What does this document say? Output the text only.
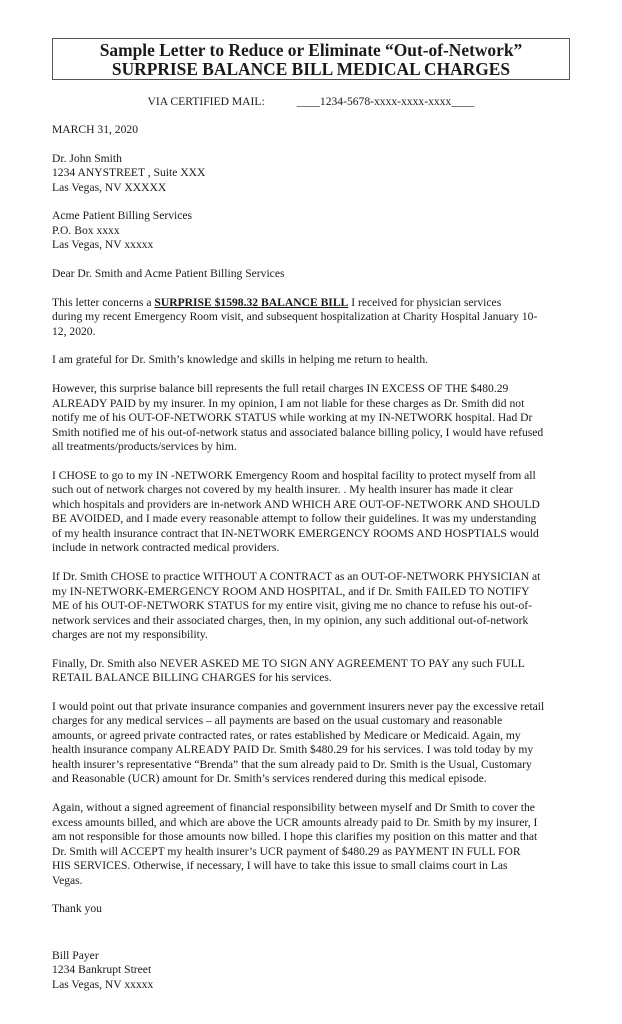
Sample Letter to Reduce or Eliminate “Out-of-Network”
SURPRISE BALANCE BILL MEDICAL CHARGES
VIA CERTIFIED MAIL:	____1234-5678-xxxx-xxxx-xxxx____

MARCH 31, 2020

Dr. John Smith
1234 ANYSTREET , Suite XXX
Las Vegas, NV XXXXX

Acme Patient Billing Services
P.O. Box xxxx
Las Vegas, NV xxxxx

Dear Dr. Smith and Acme Patient Billing Services

This letter concerns a SURPRISE $1598.32 BALANCE BILL I received for physician services
during my recent Emergency Room visit, and subsequent hospitalization at Charity Hospital January 10-
12, 2020.

I am grateful for Dr. Smith’s knowledge and skills in helping me return to health.

However, this surprise balance bill represents the full retail charges IN EXCESS OF THE $480.29
ALREADY PAID by my insurer. In my opinion, I am not liable for these charges as Dr. Smith did not
notify me of his OUT-OF-NETWORK STATUS while working at my IN-NETWORK hospital. Had Dr
Smith notified me of his out-of-network status and associated balance billing policy, I would have refused
all treatments/products/services by him.

I CHOSE to go to my IN -NETWORK Emergency Room and hospital facility to protect myself from all
such out of network charges not covered by my health insurer. . My health insurer has made it clear
which hospitals and providers are in-network AND WHICH ARE OUT-OF-NETWORK AND SHOULD
BE AVOIDED, and I made every reasonable attempt to follow their guidelines. It was my understanding
of my health insurance contract that IN-NETWORK EMERGENCY ROOMS AND HOSPTIALS would
include in network contracted medical providers.

If Dr. Smith CHOSE to practice WITHOUT A CONTRACT as an OUT-OF-NETWORK PHYSICIAN at
my IN-NETWORK-EMERGENCY ROOM AND HOSPITAL, and if Dr. Smith FAILED TO NOTIFY
ME of his OUT-OF-NETWORK STATUS for my entire visit, giving me no chance to refuse his out-of-
network services and their associated charges, then, in my opinion, any such additional out-of-network
charges are not my responsibility.

Finally, Dr. Smith also NEVER ASKED ME TO SIGN ANY AGREEMENT TO PAY any such FULL
RETAIL BALANCE BILLING CHARGES for his services.

I would point out that private insurance companies and government insurers never pay the excessive retail
charges for any medical services – all payments are based on the usual customary and reasonable
amounts, or agreed private contracted rates, or rates established by Medicare or Medicaid. Again, my
health insurance company ALREADY PAID Dr. Smith $480.29 for his services. I was told today by my
health insurer’s representative “Brenda” that the sum already paid to Dr. Smith is the Usual, Customary
and Reasonable (UCR) amount for Dr. Smith’s services rendered during this medical episode.

Again, without a signed agreement of financial responsibility between myself and Dr Smith to cover the
excess amounts billed, and which are above the UCR amounts already paid to Dr. Smith by my insurer, I
am not responsible for those amounts now billed. I hope this clarifies my position on this matter and that
Dr. Smith will ACCEPT my health insurer’s UCR payment of $480.29 as PAYMENT IN FULL FOR
HIS SERVICES. Otherwise, if necessary, I will have to take this issue to small claims court in Las
Vegas.

Thank you

Bill Payer
1234 Bankrupt Street
Las Vegas, NV xxxxx
